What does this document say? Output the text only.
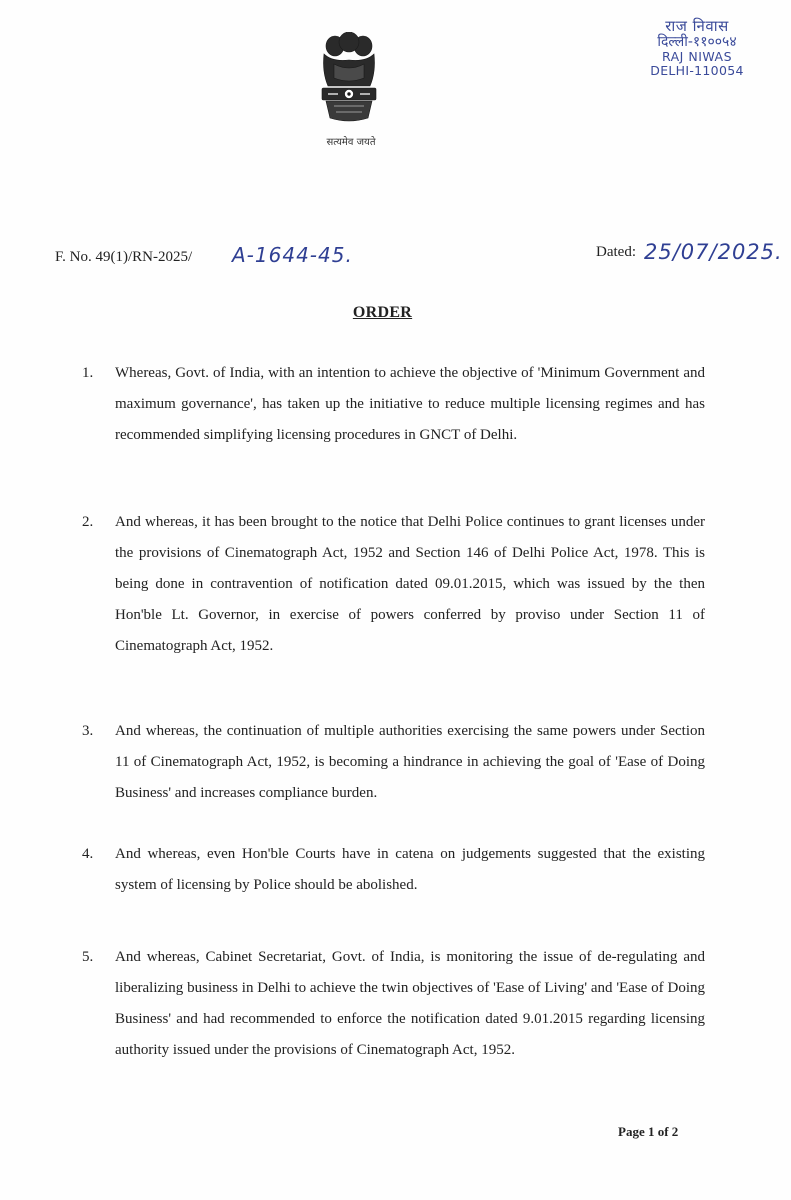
सत्यमेव जयते
राज निवास
दिल्ली-११००५४
RAJ NIWAS
DELHI-110054
F. No. 49(1)/RN-2025/ A-1644-45.	Dated: 25/07/2025.
ORDER
1.	Whereas, Govt. of India, with an intention to achieve the objective of 'Minimum Government and maximum governance', has taken up the initiative to reduce multiple licensing regimes and has recommended simplifying licensing procedures in GNCT of Delhi.
2.	And whereas, it has been brought to the notice that Delhi Police continues to grant licenses under the provisions of Cinematograph Act, 1952 and Section 146 of Delhi Police Act, 1978. This is being done in contravention of notification dated 09.01.2015, which was issued by the then Hon'ble Lt. Governor, in exercise of powers conferred by proviso under Section 11 of Cinematograph Act, 1952.
3.	And whereas, the continuation of multiple authorities exercising the same powers under Section 11 of Cinematograph Act, 1952, is becoming a hindrance in achieving the goal of 'Ease of Doing Business' and increases compliance burden.
4.	And whereas, even Hon'ble Courts have in catena on judgements suggested that the existing system of licensing by Police should be abolished.
5.	And whereas, Cabinet Secretariat, Govt. of India, is monitoring the issue of de-regulating and liberalizing business in Delhi to achieve the twin objectives of 'Ease of Living' and 'Ease of Doing Business' and had recommended to enforce the notification dated 9.01.2015 regarding licensing authority issued under the provisions of Cinematograph Act, 1952.
Page 1 of 2
